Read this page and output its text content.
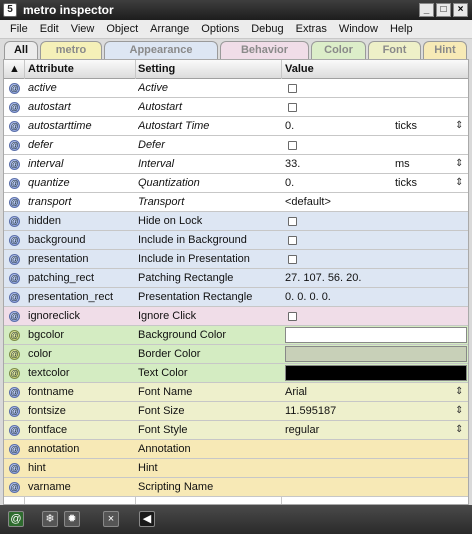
5 metro inspector	_	□	×
File	Edit	View	Object	Arrange	Options	Debug	Extras	Window	Help
All	metro	Appearance	Behavior	Color	Font	Hint
▲ Attribute	Setting	Value
@ active	Active
@ autostart	Autostart
@ autostarttime	Autostart Time	0.	ticks	⇕
@ defer	Defer
@ interval	Interval	33.	ms	⇕
@ quantize	Quantization	0.	ticks	⇕
@ transport	Transport	<default>
@ hidden	Hide on Lock
@ background	Include in Background
@ presentation	Include in Presentation
@ patching_rect	Patching Rectangle	27. 107. 56. 20.
@ presentation_rect	Presentation Rectangle	0. 0. 0. 0.
@ ignoreclick	Ignore Click
@ bgcolor	Background Color
@ color	Border Color
@ textcolor	Text Color
@ fontname	Font Name	Arial	⇕
@ fontsize	Font Size	11.595187	⇕
@ fontface	Font Style	regular	⇕
@ annotation	Annotation
@ hint	Hint
@ varname	Scripting Name
@	❄	✹	×	◀
